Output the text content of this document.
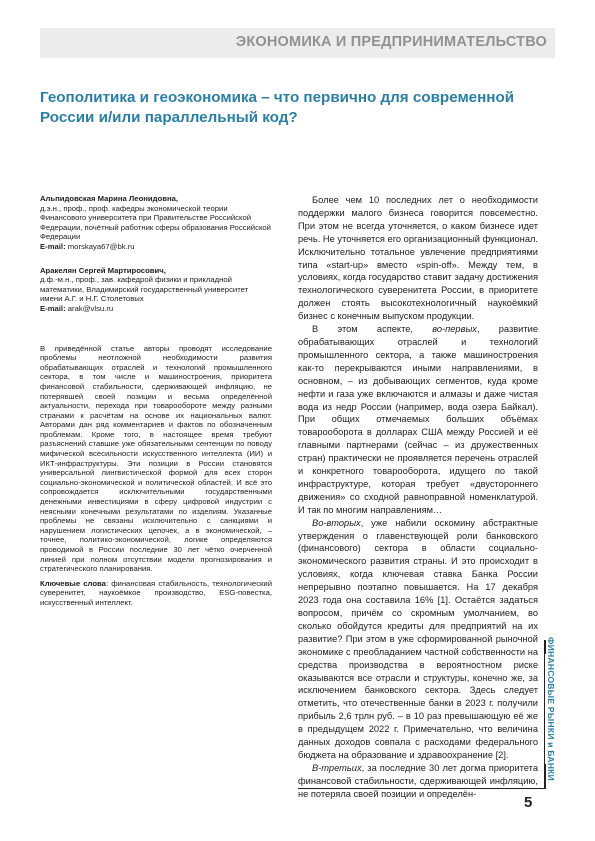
ЭКОНОМИКА И ПРЕДПРИНИМАТЕЛЬСТВО
Геополитика и геоэкономика – что первично для современной России и/или параллельный код?

Альпидовская Марина Леонидовна,

д.э.н., проф., проф. кафедры экономической теории Финансового университета при Правительстве Российской Федерации, почётный работник сферы образования Российской Федерации

E-mail: morskaya67@bk.ru

Аракелян Сергей Мартиросович,

д.ф.-м.н., проф., зав. кафедрой физики и прикладной математики, Владимирский государственный университет имени А.Г. и Н.Г. Столетовых

E-mail: arak@vlsu.ru

В приведённой статье авторы проводят исследование проблемы неотложной необходимости развития обрабатывающих отраслей и технологий промышленного сектора, в том числе и машиностроения, приоритета финансовой стабильности, сдерживающей инфляцию, не потерявшей своей позиции и весьма определённой актуальности, перехода при товарообороте между разными странами к расчётам на основе их национальных валют. Авторами дан ряд комментариев и фактов по обозначенным проблемам. Кроме того, в настоящее время требуют разъяснений ставшие уже обязательными сентенции по поводу мифической всесильности искусственного интеллекта (ИИ) и ИКТ-инфраструктуры. Эти позиции в России становятся универсальной лингвистической формой для всех сторон социально-экономической и политической областей. И всё это сопровождается исключительными государственными денежными инвестициями в сферу цифровой индустрии с неясными конечными результатами по изделиям. Указанные проблемы не связаны исключительно с санкциями и нарушением логистических цепочек, а в экономической, – точнее, политико-экономической, логике определяются проводимой в России последние 30 лет чётко очерченной линией при полном отсутствии модели прогнозирования и стратегического планирования.

Ключевые слова: финансовая стабильность, технологический суверенитет, наукоёмкое производство, ESG-повестка, искусственный интеллект.

Более чем 10 последних лет о необходимости поддержки малого бизнеса говорится повсеместно. При этом не всегда уточняется, о каком бизнесе идет речь. Не уточняется его организационный функционал. Исключительно тотальное увлечение предприятиями типа «start-up» вместо «spin-off». Между тем, в условиях, когда государство ставит задачу достижения технологического суверенитета России, в приоритете должен стоять высокотехнологичный наукоёмкий бизнес с конечным выпуском продукции.

В этом аспекте, во-первых, развитие обрабатывающих отраслей и технологий промышленного сектора, а также машиностроения как-то перекрываются иными направлениями, в основном, – из добывающих сегментов, куда кроме нефти и газа уже включаются и алмазы и даже чистая вода из недр России (например, вода озера Байкал). При общих отмечаемых больших объёмах товарооборота в долларах США между Россией и её главными партнерами (сейчас – из дружественных стран) практически не проявляется перечень отраслей и конкретного товарооборота, идущего по такой инфраструктуре, которая требует «двустороннего движения» со сходной равноправной номенклатурой. И так по многим направлениям…

Во-вторых, уже набили оскомину абстрактные утверждения о главенствующей роли банковского (финансового) сектора в области социально-экономического развития страны. И это происходит в условиях, когда ключевая ставка Банка России непрерывно поэтапно повышается. На 17 декабря 2023 года она составила 16% [1]. Остаётся задаться вопросом, причём со скромным умолчанием, во сколько обойдутся кредиты для предприятий на их развитие? При этом в уже сформированной рыночной экономике с преобладанием частной собственности на средства производства в вероятностном риске оказываются все отрасли и структуры, конечно же, за исключением банковского сектора. Здесь следует отметить, что отечественные банки в 2023 г. получили прибыль 2,6 трлн руб. – в 10 раз превышающую её же в предыдущем 2022 г. Примечательно, что величина данных доходов совпала с расходами федерального бюджета на образование и здравоохранение [2].

В-третьих, за последние 30 лет догма приоритета финансовой стабильности, сдерживающей инфляцию, не потеряла своей позиции и определён-

ФИНАНСОВЫЕ РЫНКИ и БАНКИ
5
